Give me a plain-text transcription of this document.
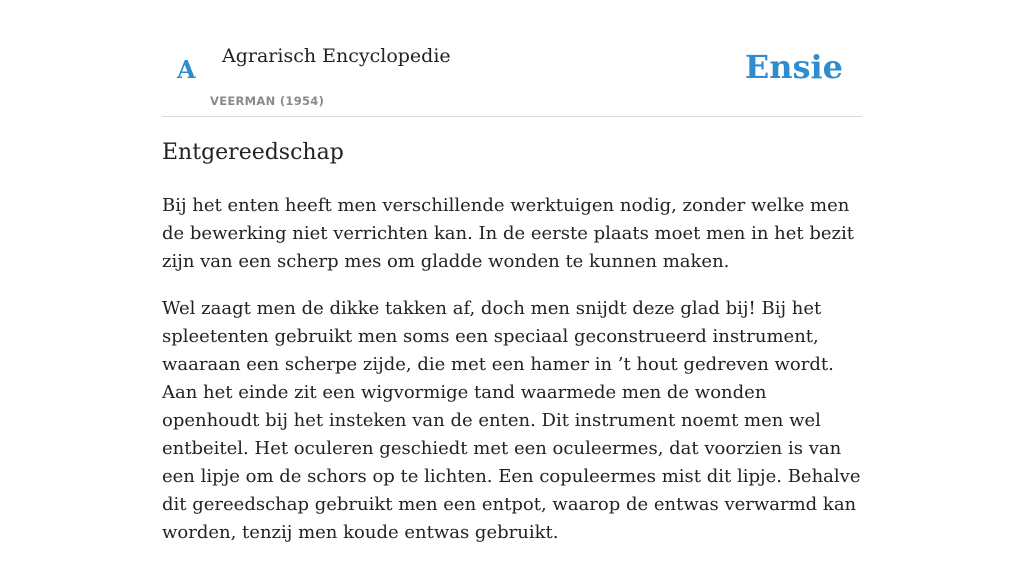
A Agrarisch Encyclopedie
VEERMAN (1954)
Ensie
Entgereedschap

Bij het enten heeft men verschillende werktuigen nodig, zonder welke men de bewerking niet verrichten kan. In de eerste plaats moet men in het bezit zijn van een scherp mes om gladde wonden te kunnen maken.

Wel zaagt men de dikke takken af, doch men snijdt deze glad bij! Bij het spleetenten gebruikt men soms een speciaal geconstrueerd instrument, waaraan een scherpe zijde, die met een hamer in ’t hout gedreven wordt. Aan het einde zit een wigvormige tand waarmede men de wonden openhoudt bij het insteken van de enten. Dit instrument noemt men wel entbeitel. Het oculeren geschiedt met een oculeermes, dat voorzien is van een lipje om de schors op te lichten. Een copuleermes mist dit lipje. Behalve dit gereedschap gebruikt men een entpot, waarop de entwas verwarmd kan worden, tenzij men koude entwas gebruikt.
